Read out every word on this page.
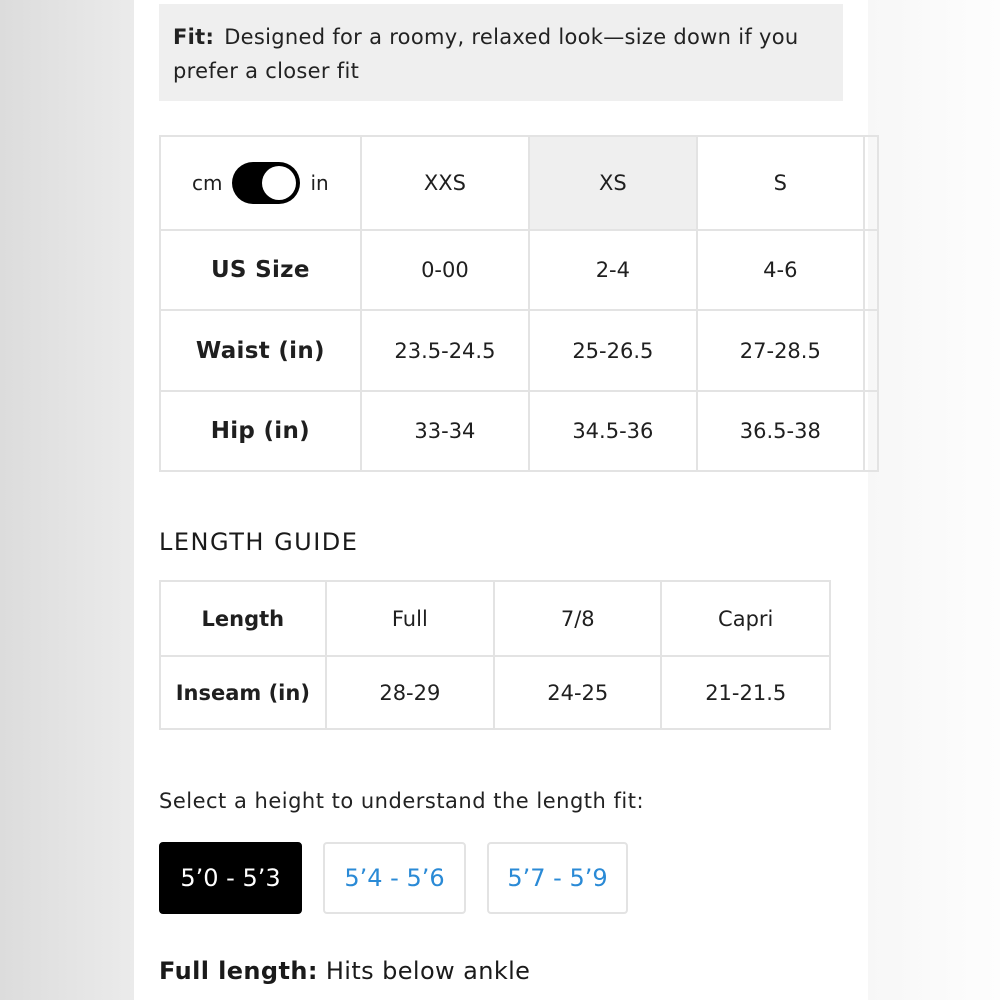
Fit: Designed for a roomy, relaxed look—size down if you prefer a closer fit
cm in	XXS	XS	S	
US Size	0-00	2-4	4-6	
Waist (in)	23.5-24.5	25-26.5	27-28.5	
Hip (in)	33-34	34.5-36	36.5-38	
LENGTH GUIDE
Length	Full	7/8	Capri
Inseam (in)	28-29	24-25	21-21.5
Select a height to understand the length fit:
5’0 - 5’3	5’4 - 5’6	5’7 - 5’9
Full length: Hits below ankle
